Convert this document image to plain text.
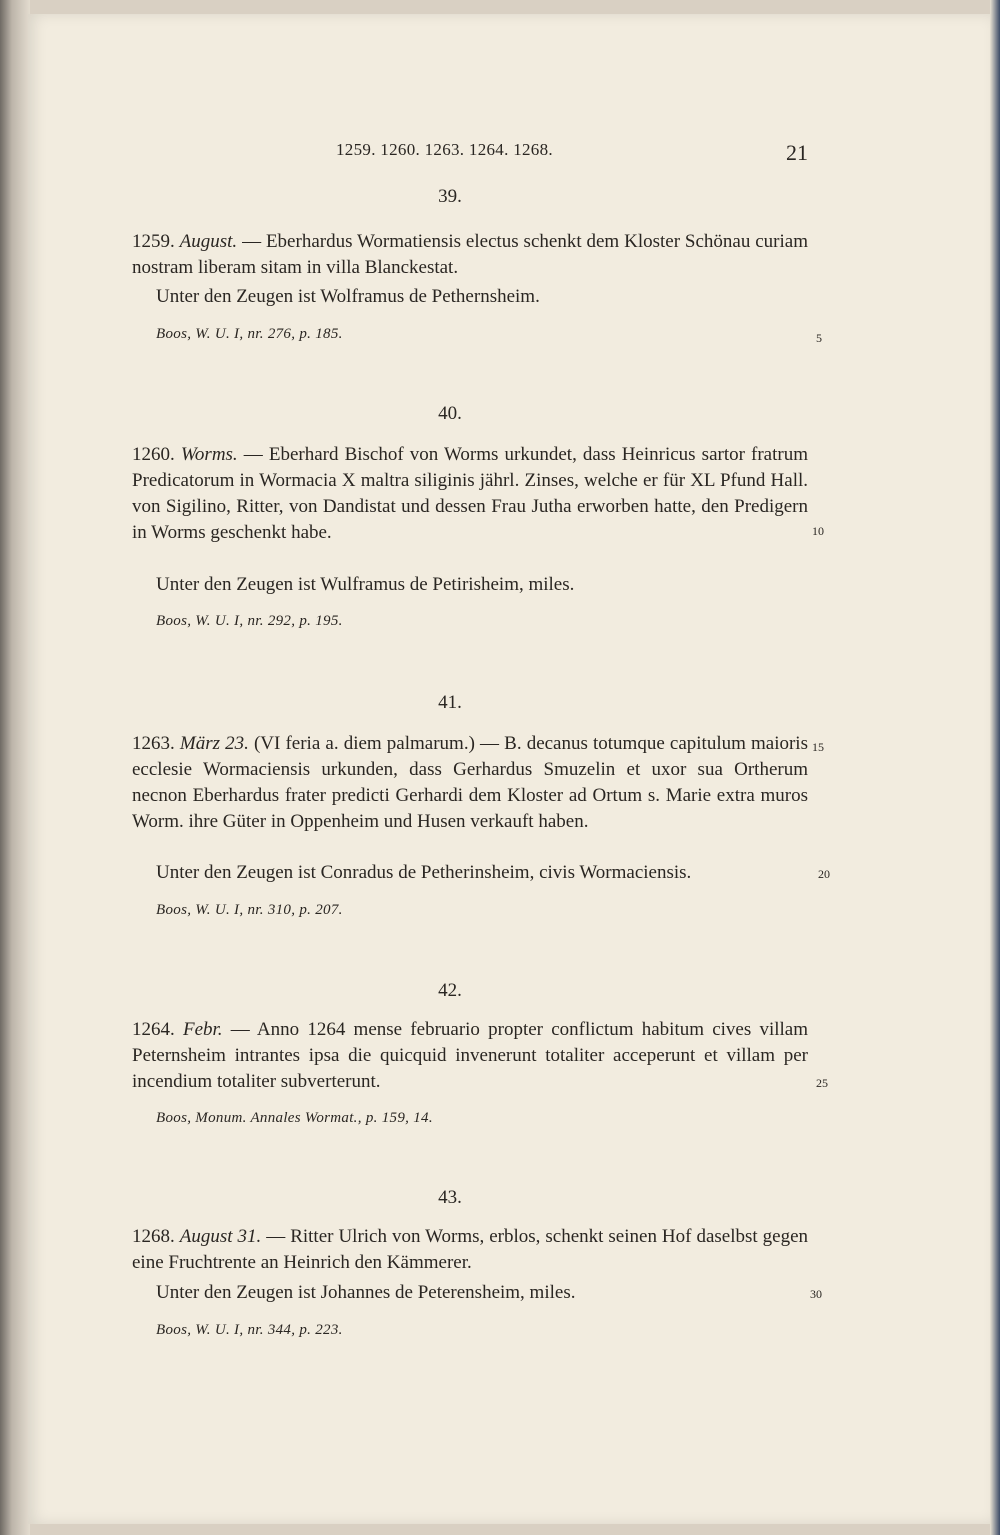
1259. 1260. 1263. 1264. 1268.	21
39.
1259. August. — Eberhardus Wormatiensis electus schenkt dem Kloster Schönau curiam nostram liberam sitam in villa Blanckestat.
Unter den Zeugen ist Wolframus de Pethernsheim.
Boos, W. U. I, nr. 276, p. 185.	5
40.
1260. Worms. — Eberhard Bischof von Worms urkundet, dass Heinricus sartor fratrum Predicatorum in Wormacia X maltra siliginis jährl. Zinses, welche er für XL Pfund Hall. von Sigilino, Ritter, von Dandistat und dessen Frau Jutha erworben hatte, den Predigern in Worms geschenkt habe.
Unter den Zeugen ist Wulframus de Petirisheim, miles.
Boos, W. U. I, nr. 292, p. 195.
10
41.
1263. März 23. (VI feria a. diem palmarum.) — B. decanus totumque capitulum maioris ecclesie Wormaciensis urkunden, dass Gerhardus Smuzelin et uxor sua Ortherum necnon Eberhardus frater predicti Gerhardi dem Kloster ad Ortum s. Marie extra muros Worm. ihre Güter in Oppenheim und Husen verkauft haben.
Unter den Zeugen ist Conradus de Petherinsheim, civis Wormaciensis.
Boos, W. U. I, nr. 310, p. 207.
15
20
42.
1264. Febr. — Anno 1264 mense februario propter conflictum habitum cives villam Peternsheim intrantes ipsa die quicquid invenerunt totaliter acceperunt et villam per incendium totaliter subverterunt.
Boos, Monum. Annales Wormat., p. 159, 14.
25
43.
1268. August 31. — Ritter Ulrich von Worms, erblos, schenkt seinen Hof daselbst gegen eine Fruchtrente an Heinrich den Kämmerer.
Unter den Zeugen ist Johannes de Peterensheim, miles.
Boos, W. U. I, nr. 344, p. 223.
30
